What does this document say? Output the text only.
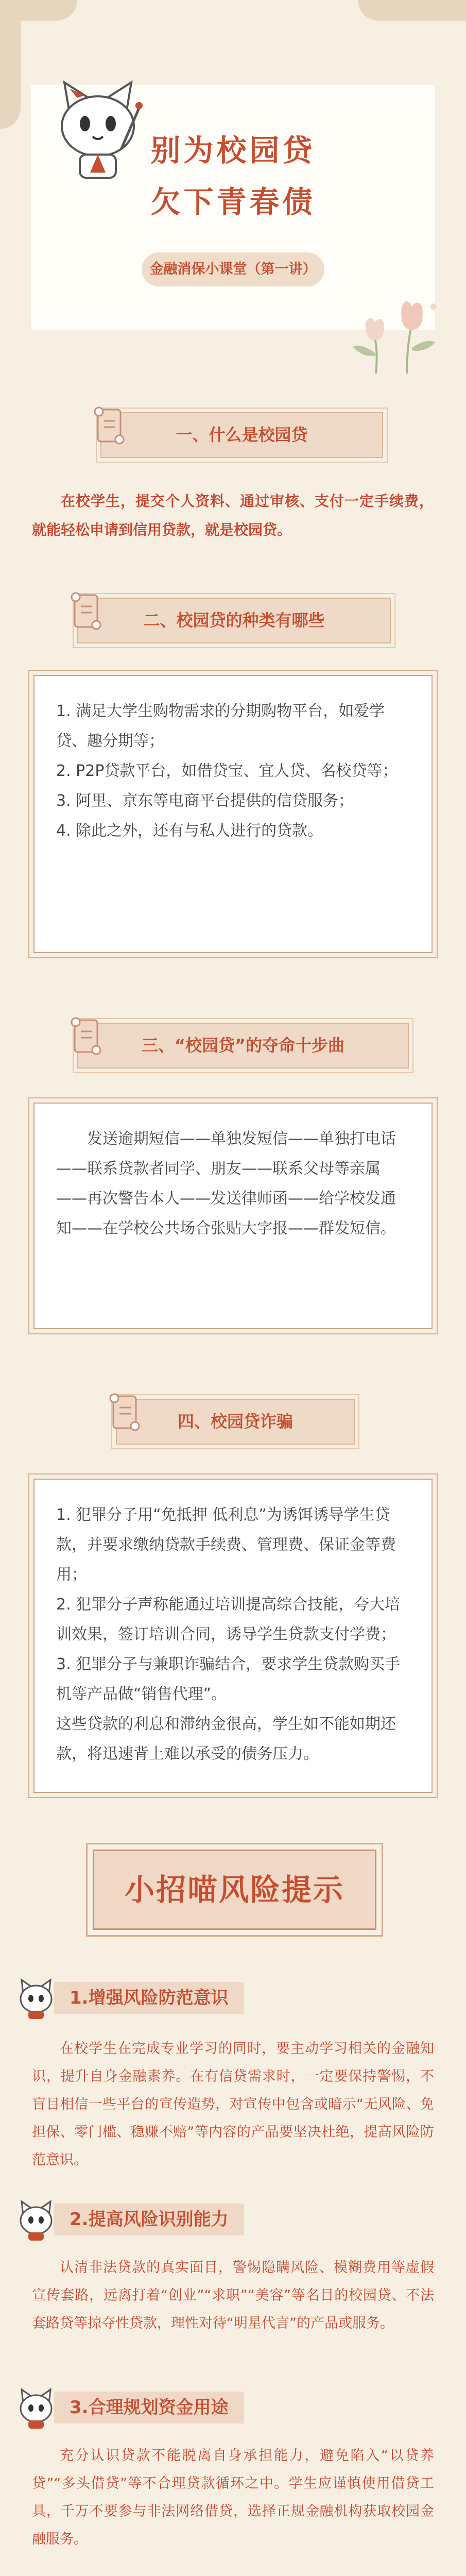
别为校园贷
欠下青春债
金融消保小课堂（第一讲）
一、什么是校园贷
在校学生，提交个人资料、通过审核、支付一定手续费，就能轻松申请到信用贷款，就是校园贷。
二、校园贷的种类有哪些
1. 满足大学生购物需求的分期购物平台，如爱学贷、趣分期等；
2. P2P贷款平台，如借贷宝、宜人贷、名校贷等；
3. 阿里、京东等电商平台提供的信贷服务；
4. 除此之外，还有与私人进行的贷款。
三、“校园贷”的夺命十步曲
发送逾期短信——单独发短信——单独打电话——联系贷款者同学、朋友——联系父母等亲属——再次警告本人——发送律师函——给学校发通知——在学校公共场合张贴大字报——群发短信。
四、校园贷诈骗
1. 犯罪分子用“免抵押 低利息”为诱饵诱导学生贷款，并要求缴纳贷款手续费、管理费、保证金等费用；
2. 犯罪分子声称能通过培训提高综合技能，夸大培训效果，签订培训合同，诱导学生贷款支付学费；
3. 犯罪分子与兼职诈骗结合，要求学生贷款购买手机等产品做“销售代理”。
这些贷款的利息和滞纳金很高，学生如不能如期还款，将迅速背上难以承受的债务压力。
小招喵风险提示
1.增强风险防范意识
在校学生在完成专业学习的同时，要主动学习相关的金融知识，提升自身金融素养。在有信贷需求时，一定要保持警惕，不盲目相信一些平台的宣传造势，对宣传中包含或暗示“无风险、免担保、零门槛、稳赚不赔”等内容的产品要坚决杜绝，提高风险防范意识。
2.提高风险识别能力
认清非法贷款的真实面目，警惕隐瞒风险、模糊费用等虚假宣传套路，远离打着“创业”“求职”“美容”等名目的校园贷、不法套路贷等掠夺性贷款，理性对待“明星代言”的产品或服务。
3.合理规划资金用途
充分认识贷款不能脱离自身承担能力，避免陷入“以贷养贷”“多头借贷”等不合理贷款循环之中。学生应谨慎使用借贷工具，千万不要参与非法网络借贷，选择正规金融机构获取校园金融服务。
